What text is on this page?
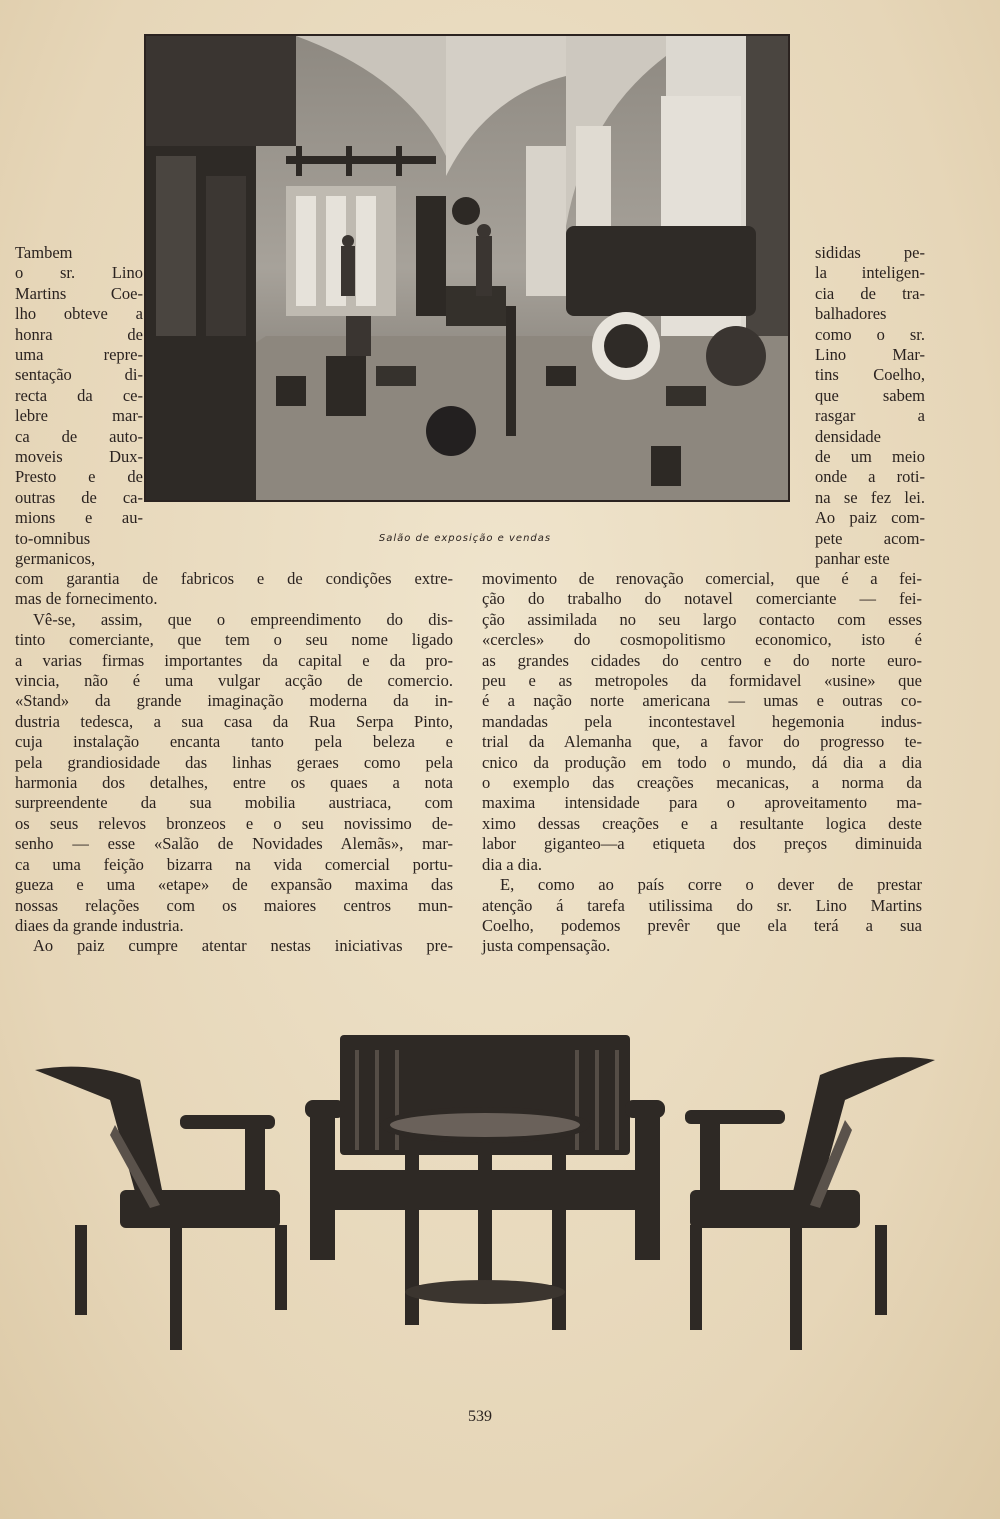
Salão de exposição e vendas
Tambem
o sr. Lino
Martins Coe-
lho obteve a
honra de
uma repre-
sentação di-
recta da ce-
lebre mar-
ca de auto-
moveis Dux-
Presto e de
outras de ca-
mions e au-
to-omnibus
germanicos,
sididas pe-
la inteligen-
cia de tra-
balhadores
como o sr.
Lino Mar-
tins Coelho,
que sabem
rasgar a
densidade
de um meio
onde a roti-
na se fez lei.
Ao paiz com-
pete acom-
panhar este
com garantia de fabricos e de condições extre-
mas de fornecimento.
Vê-se, assim, que o empreendimento do dis-
tinto comerciante, que tem o seu nome ligado
a varias firmas importantes da capital e da pro-
vincia, não é uma vulgar acção de comercio.
«Stand» da grande imaginação moderna da in-
dustria tedesca, a sua casa da Rua Serpa Pinto,
cuja instalação encanta tanto pela beleza e
pela grandiosidade das linhas geraes como pela
harmonia dos detalhes, entre os quaes a nota
surpreendente da sua mobilia austriaca, com
os seus relevos bronzeos e o seu novissimo de-
senho — esse «Salão de Novidades Alemãs», mar-
ca uma feição bizarra na vida comercial portu-
gueza e uma «etape» de expansão maxima das
nossas relações com os maiores centros mun-
diaes da grande industria.
Ao paiz cumpre atentar nestas iniciativas pre-
movimento de renovação comercial, que é a fei-
ção do trabalho do notavel comerciante — fei-
ção assimilada no seu largo contacto com esses
«cercles» do cosmopolitismo economico, isto é
as grandes cidades do centro e do norte euro-
peu e as metropoles da formidavel «usine» que
é a nação norte americana — umas e outras co-
mandadas pela incontestavel hegemonia indus-
trial da Alemanha que, a favor do progresso te-
cnico da produção em todo o mundo, dá dia a dia
o exemplo das creações mecanicas, a norma da
maxima intensidade para o aproveitamento ma-
ximo dessas creações e a resultante logica deste
labor giganteo—a etiqueta dos preços diminuida
dia a dia.
E, como ao país corre o dever de prestar
atenção á tarefa utilissima do sr. Lino Martins
Coelho, podemos prevêr que ela terá a sua
justa compensação.
539
